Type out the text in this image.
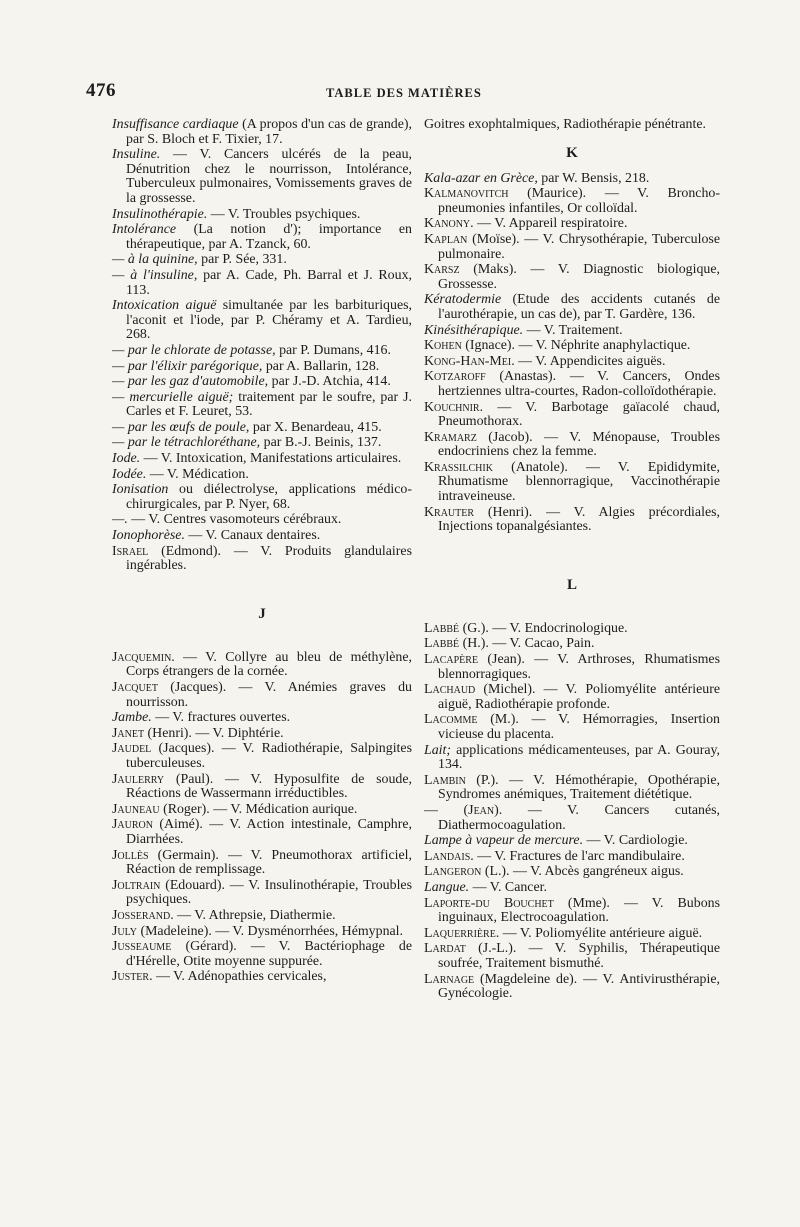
476	TABLE DES MATIÈRES
Insuffisance cardiaque (A propos d'un cas de grande), par S. Bloch et F. Tixier, 17.
Insuline. — V. Cancers ulcérés de la peau, Dénutrition chez le nourrisson, Intolérance, Tuberculeux pulmonaires, Vomissements graves de la grossesse.
Insulinothérapie. — V. Troubles psychiques.
Intolérance (La notion d'); importance en thérapeutique, par A. Tzanck, 60.
— à la quinine, par P. Sée, 331.
— à l'insuline, par A. Cade, Ph. Barral et J. Roux, 113.
Intoxication aiguë simultanée par les barbituriques, l'aconit et l'iode, par P. Chéramy et A. Tardieu, 268.
— par le chlorate de potasse, par P. Dumans, 416.
— par l'élixir parégorique, par A. Ballarin, 128.
— par les gaz d'automobile, par J.-D. Atchia, 414.
— mercurielle aiguë; traitement par le soufre, par J. Carles et F. Leuret, 53.
— par les œufs de poule, par X. Benardeau, 415.
— par le tétrachloréthane, par B.-J. Beinis, 137.
Iode. — V. Intoxication, Manifestations articulaires.
Iodée. — V. Médication.
Ionisation ou diélectrolyse, applications médico-chirurgicales, par P. Nyer, 68.
—. — V. Centres vasomoteurs cérébraux.
Ionophorèse. — V. Canaux dentaires.
Israel (Edmond). — V. Produits glandulaires ingérables.
J
Jacquemin. — V. Collyre au bleu de méthylène, Corps étrangers de la cornée.
Jacquet (Jacques). — V. Anémies graves du nourrisson.
Jambe. — V. fractures ouvertes.
Janet (Henri). — V. Diphtérie.
Jaudel (Jacques). — V. Radiothérapie, Salpingites tuberculeuses.
Jaulerry (Paul). — V. Hyposulfite de soude, Réactions de Wassermann irréductibles.
Jauneau (Roger). — V. Médication aurique.
Jauron (Aimé). — V. Action intestinale, Camphre, Diarrhées.
Jollès (Germain). — V. Pneumothorax artificiel, Réaction de remplissage.
Joltrain (Edouard). — V. Insulinothérapie, Troubles psychiques.
Josserand. — V. Athrepsie, Diathermie.
July (Madeleine). — V. Dysménorrhées, Hémypnal.
Jusseaume (Gérard). — V. Bactériophage de d'Hérelle, Otite moyenne suppurée.
Juster. — V. Adénopathies cervicales,
Goitres exophtalmiques, Radiothérapie pénétrante.
K
Kala-azar en Grèce, par W. Bensis, 218.
Kalmanovitch (Maurice). — V. Broncho-pneumonies infantiles, Or colloïdal.
Kanony. — V. Appareil respiratoire.
Kaplan (Moïse). — V. Chrysothérapie, Tuberculose pulmonaire.
Karsz (Maks). — V. Diagnostic biologique, Grossesse.
Kératodermie (Etude des accidents cutanés de l'aurothérapie, un cas de), par T. Gardère, 136.
Kinésithérapique. — V. Traitement.
Kohen (Ignace). — V. Néphrite anaphylactique.
Kong-Han-Mei. — V. Appendicites aiguës.
Kotzaroff (Anastas). — V. Cancers, Ondes hertziennes ultra-courtes, Radon-colloïdothérapie.
Kouchnir. — V. Barbotage gaïacolé chaud, Pneumothorax.
Kramarz (Jacob). — V. Ménopause, Troubles endocriniens chez la femme.
Krassilchik (Anatole). — V. Epididymite, Rhumatisme blennorragique, Vaccinothérapie intraveineuse.
Krauter (Henri). — V. Algies précordiales, Injections topanalgésiantes.
L
Labbé (G.). — V. Endocrinologique.
Labbé (H.). — V. Cacao, Pain.
Lacapère (Jean). — V. Arthroses, Rhumatismes blennorragiques.
Lachaud (Michel). — V. Poliomyélite antérieure aiguë, Radiothérapie profonde.
Lacomme (M.). — V. Hémorragies, Insertion vicieuse du placenta.
Lait; applications médicamenteuses, par A. Gouray, 134.
Lambin (P.). — V. Hémothérapie, Opothérapie, Syndromes anémiques, Traitement diététique.
— (Jean). — V. Cancers cutanés, Diathermocoagulation.
Lampe à vapeur de mercure. — V. Cardiologie.
Landais. — V. Fractures de l'arc mandibulaire.
Langeron (L.). — V. Abcès gangréneux aigus.
Langue. — V. Cancer.
Laporte-du Bouchet (Mme). — V. Bubons inguinaux, Electrocoagulation.
Laquerrière. — V. Poliomyélite antérieure aiguë.
Lardat (J.-L.). — V. Syphilis, Thérapeutique soufrée, Traitement bismuthé.
Larnage (Magdeleine de). — V. Antivirusthérapie, Gynécologie.
